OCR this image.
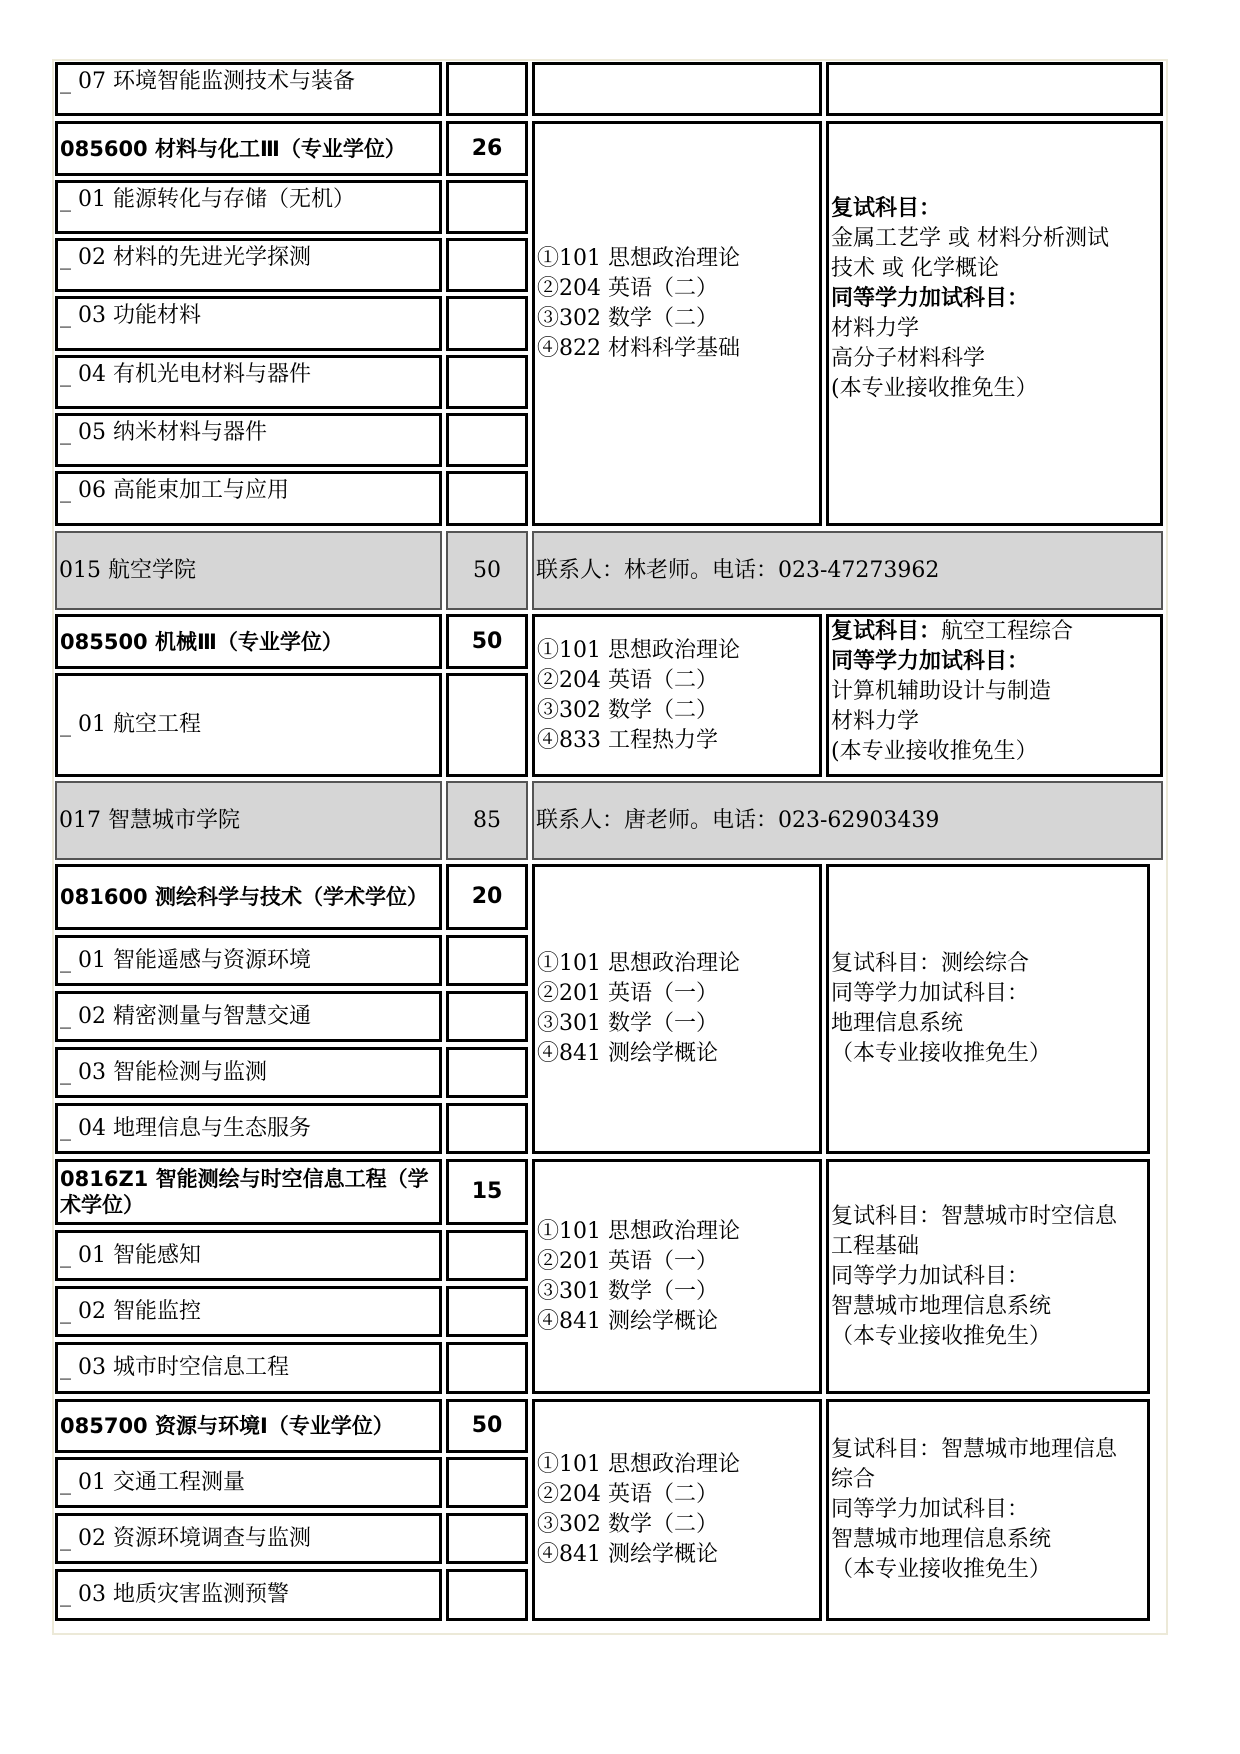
_ 07 环境智能监测技术与装备
085600 材料与化工Ⅲ（专业学位）	26
_ 01 能源转化与存储（无机）
_ 02 材料的先进光学探测
_ 03 功能材料
_ 04 有机光电材料与器件
_ 05 纳米材料与器件
_ 06 高能束加工与应用
①101 思想政治理论
②204 英语（二）
③302 数学（二）
④822 材料科学基础
复试科目：
金属工艺学 或 材料分析测试
技术 或 化学概论
同等学力加试科目：
材料力学
高分子材料科学
(本专业接收推免生）
015 航空学院	50 联系人：林老师。电话：023-47273962
085500 机械Ⅲ（专业学位）	50
_ 01 航空工程
①101 思想政治理论
②204 英语（二）
③302 数学（二）
④833 工程热力学
复试科目：航空工程综合
同等学力加试科目：
计算机辅助设计与制造
材料力学
(本专业接收推免生）
017 智慧城市学院	85 联系人：唐老师。电话：023-62903439
081600 测绘科学与技术（学术学位） 20
_ 01 智能遥感与资源环境
_ 02 精密测量与智慧交通
_ 03 智能检测与监测
_ 04 地理信息与生态服务
①101 思想政治理论
②201 英语（一）
③301 数学（一）
④841 测绘学概论
复试科目：测绘综合
同等学力加试科目：
地理信息系统
（本专业接收推免生）
0816Z1 智能测绘与时空信息工程（学术学位）
15
_ 01 智能感知
_ 02 智能监控
_ 03 城市时空信息工程
①101 思想政治理论
②201 英语（一）
③301 数学（一）
④841 测绘学概论
复试科目：智慧城市时空信息
工程基础
同等学力加试科目：
智慧城市地理信息系统
（本专业接收推免生）
085700 资源与环境Ⅰ（专业学位）	50
_ 01 交通工程测量
_ 02 资源环境调查与监测
_ 03 地质灾害监测预警
①101 思想政治理论
②204 英语（二）
③302 数学（二）
④841 测绘学概论
复试科目：智慧城市地理信息
综合
同等学力加试科目：
智慧城市地理信息系统
（本专业接收推免生）
